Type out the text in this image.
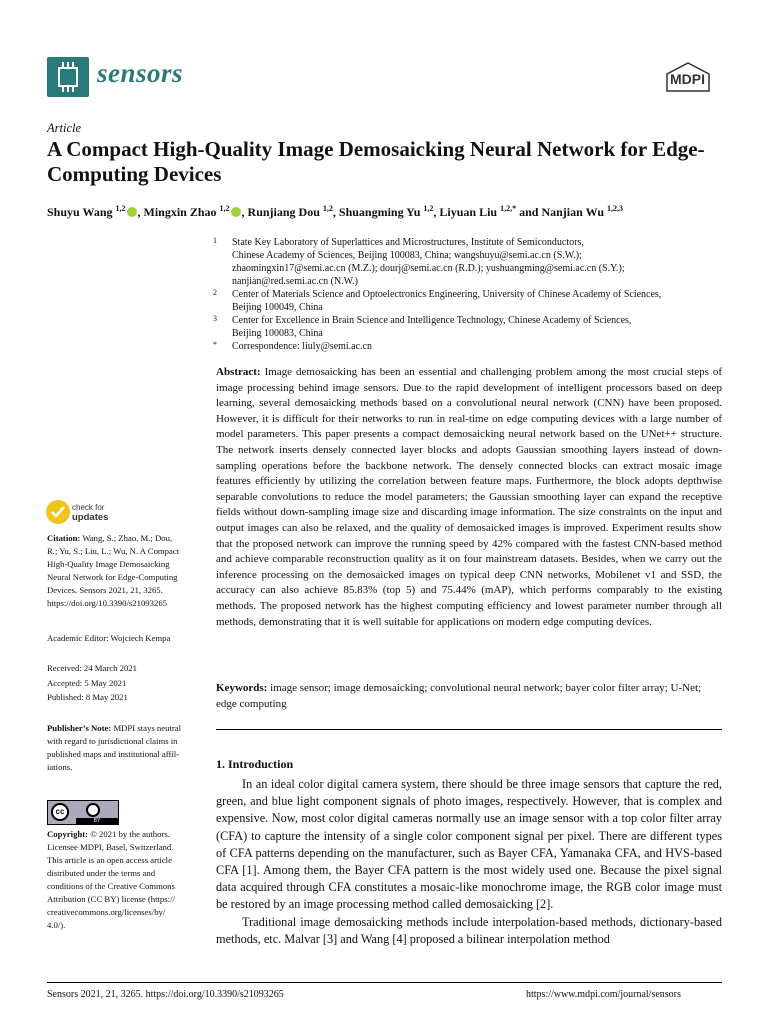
sensors	MDPI
Article
A Compact High-Quality Image Demosaicking Neural Network for Edge-Computing Devices
Shuyu Wang $^{1,2}$ , Mingxin Zhao $^{1,2}$ , Runjiang Dou $^{1,2}$, Shuangming Yu $^{1,2}$, Liyuan Liu $^{1,2,*}$ and Nanjian Wu $^{1,2,3}$
1 State Key Laboratory of Superlattices and Microstructures, Institute of Semiconductors,
Chinese Academy of Sciences, Beijing 100083, China; wangshuyu@semi.ac.cn (S.W.);
zhaomingxin17@semi.ac.cn (M.Z.); dourj@semi.ac.cn (R.D.); yushuangming@semi.ac.cn (S.Y.);
nanjian@red.semi.ac.cn (N.W.)
2 Center of Materials Science and Optoelectronics Engineering, University of Chinese Academy of Sciences,
Beijing 100049, China
3 Center for Excellence in Brain Science and Intelligence Technology, Chinese Academy of Sciences,
Beijing 100083, China
* Correspondence: liuly@semi.ac.cn
check for
updates
Citation: Wang, S.; Zhao, M.; Dou,
R.; Yu, S.; Liu, L.; Wu, N. A Compact
High-Quality Image Demosaicking
Neural Network for Edge-Computing
Devices. Sensors 2021, 21, 3265.
https://doi.org/10.3390/s21093265
Academic Editor: Wojciech Kempa
Received: 24 March 2021
Accepted: 5 May 2021
Published: 8 May 2021
Publisher’s Note: MDPI stays neutral
with regard to jurisdictional claims in
published maps and institutional affil-
iations.
cc
BY
Copyright: © 2021 by the authors.
Licensee MDPI, Basel, Switzerland.
This article is an open access article
distributed under the terms and
conditions of the Creative Commons
Attribution (CC BY) license (https://
creativecommons.org/licenses/by/
4.0/).
Abstract: Image demosaicking has been an essential and challenging problem among the most crucial steps of image processing behind image sensors. Due to the rapid development of intelligent processors based on deep learning, several demosaicking methods based on a convolutional neural network (CNN) have been proposed. However, it is difficult for their networks to run in real-time on edge computing devices with a large number of model parameters. This paper presents a compact demosaicking neural network based on the UNet++ structure. The network inserts densely connected layer blocks and adopts Gaussian smoothing layers instead of down-sampling operations before the backbone network. The densely connected blocks can extract mosaic image features efficiently by utilizing the correlation between feature maps. Furthermore, the block adopts depthwise separable convolutions to reduce the model parameters; the Gaussian smoothing layer can expand the receptive fields without down-sampling image size and discarding image information. The size constraints on the input and output images can also be relaxed, and the quality of demosaicked images is improved. Experiment results show that the proposed network can improve the running speed by 42% compared with the fastest CNN-based method and achieve comparable reconstruction quality as it on four mainstream datasets. Besides, when we carry out the inference processing on the demosaicked images on typical deep CNN networks, Mobilenet v1 and SSD, the accuracy can also achieve 85.83% (top 5) and 75.44% (mAP), which performs comparably to the existing methods. The proposed network has the highest computing efficiency and lowest parameter number through all methods, demonstrating that it is well suitable for applications on modern edge computing devices.
Keywords: image sensor; image demosaicking; convolutional neural network; bayer color filter array; U-Net; edge computing
1. Introduction

In an ideal color digital camera system, there should be three image sensors that capture the red, green, and blue light component signals of photo images, respectively. However, that is complex and expensive. Now, most color digital cameras normally use an image sensor with a top color filter array (CFA) to capture the intensity of a single color component signal per pixel. There are different types of CFA patterns depending on the manufacturer, such as Bayer CFA, Yamanaka CFA, and HVS-based CFA [1]. Among them, the Bayer CFA pattern is the most widely used one. Because the pixel signal data acquired through CFA constitutes a mosaic-like monochrome image, the RGB color image must be restored by an image processing method called demosaicking [2].

Traditional image demosaicking methods include interpolation-based methods, dictionary-based methods, etc. Malvar [3] and Wang [4] proposed a bilinear interpolation method

Sensors 2021, 21, 3265. https://doi.org/10.3390/s21093265	https://www.mdpi.com/journal/sensors
